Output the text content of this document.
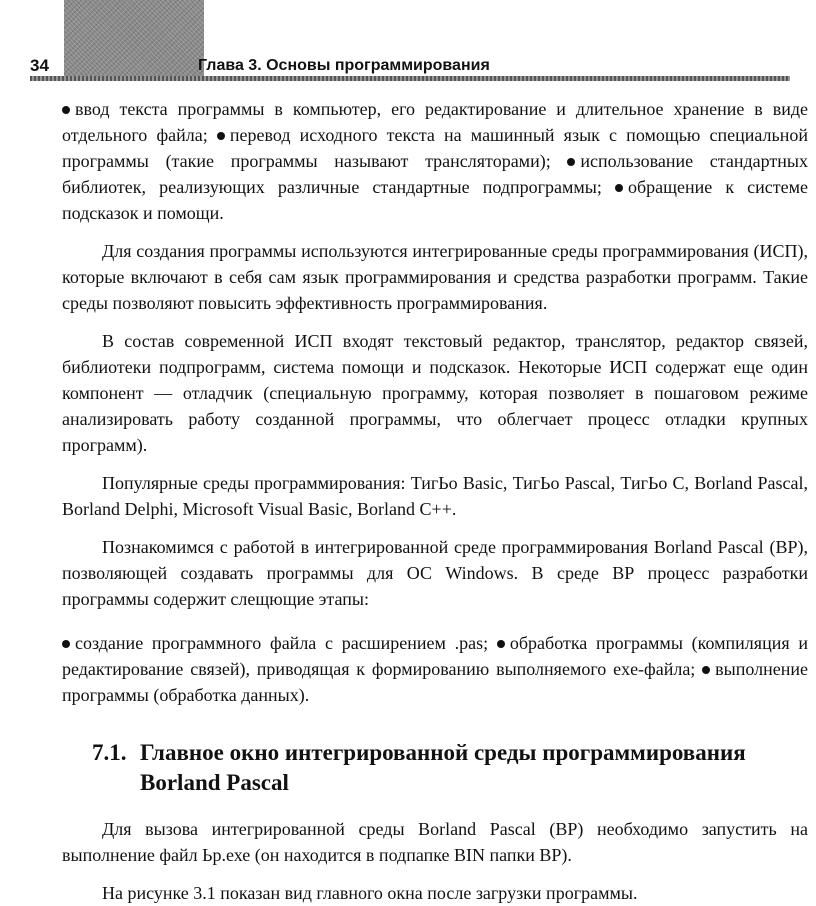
34	Глава 3. Основы программирования

ввод текста программы в компьютер, его редактирование и длительное хранение в виде отдельного файла; перевод исходного текста на машинный язык с помощью специальной программы (такие программы называют трансляторами); использование стандартных библиотек, реализующих различные стандартные подпрограммы; обращение к системе подсказок и помощи.

Для создания программы используются интегрированные среды программирования (ИСП), которые включают в себя сам язык программирования и средства разработки программ. Такие среды позволяют повысить эффективность программирования.

В состав современной ИСП входят текстовый редактор, транслятор, редактор связей, библиотеки подпрограмм, система помощи и подсказок. Некоторые ИСП содержат еще один компонент — отладчик (специальную программу, которая позволяет в пошаговом режиме анализировать работу созданной программы, что облегчает процесс отладки крупных программ).

Популярные среды программирования: ТигЬо Basic, ТигЬо Pascal, ТигЬо С, Borland Pascal, Borland Delphi, Microsoft Visual Basic, Borland С++.

Познакомимся с работой в интегрированной среде программирования Borland Pascal (BP), позволяющей создавать программы для ОС Windows. В среде ВР процесс разработки программы содержит слещющие этапы:

создание программного файла с расширением .pas; обработка программы (компиляция и редактирование связей), приводящая к формированию выполняемого exe-файла; выполнение программы (обработка данных).

7.1. Главное окно интегрированной среды программирования
Borland Pascal

Для вызова интегрированной среды Borland Pascal (BP) необходимо запустить на выполнение файл Ьр.ехе (он находится в подпапке BIN папки ВР).

На рисунке 3.1 показан вид главного окна после загрузки программы.
